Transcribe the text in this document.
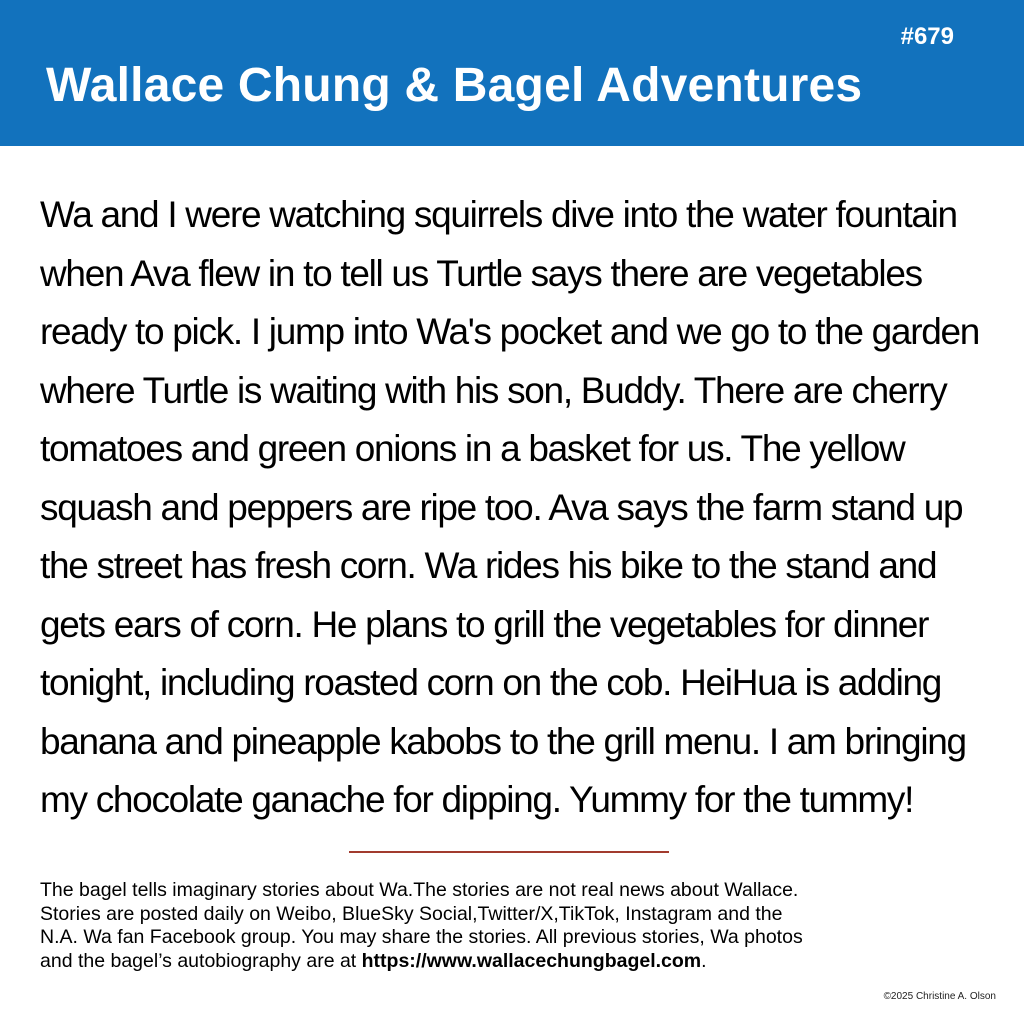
#679
Wallace Chung & Bagel Adventures
Wa and I were watching squirrels dive into the water fountain
when Ava flew in to tell us Turtle says there are vegetables
ready to pick. I jump into Wa's pocket and we go to the garden
where Turtle is waiting with his son, Buddy. There are cherry
tomatoes and green onions in a basket for us. The yellow
squash and peppers are ripe too. Ava says the farm stand up
the street has fresh corn. Wa rides his bike to the stand and
gets ears of corn. He plans to grill the vegetables for dinner
tonight, including roasted corn on the cob. HeiHua is adding
banana and pineapple kabobs to the grill menu. I am bringing
my chocolate ganache for dipping. Yummy for the tummy!
The bagel tells imaginary stories about Wa.The stories are not real news about Wallace.
Stories are posted daily on Weibo, BlueSky Social,Twitter/X,TikTok, Instagram and the
N.A. Wa fan Facebook group. You may share the stories. All previous stories, Wa photos
and the bagel’s autobiography are at https://www.wallacechungbagel.com.
©2025 Christine A. Olson
